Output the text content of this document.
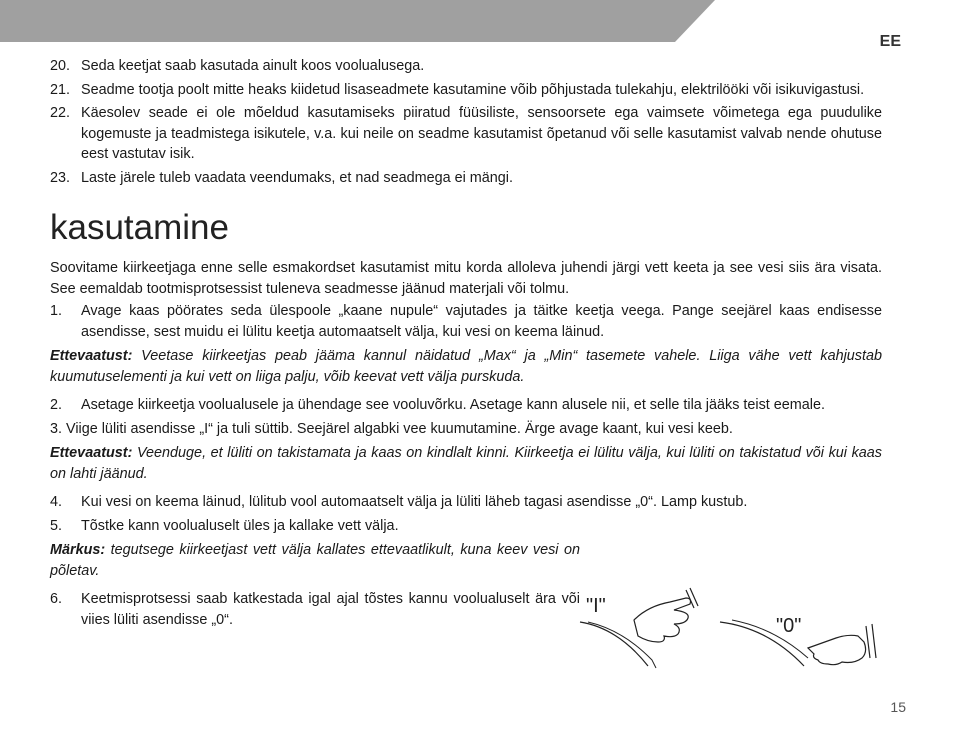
EE
20. Seda keetjat saab kasutada ainult koos voolualusega.
21. Seadme tootja poolt mitte heaks kiidetud lisaseadmete kasutamine võib põhjustada tulekahju, elektrilööki või isikuvigastusi.
22. Käesolev seade ei ole mõeldud kasutamiseks piiratud füüsiliste, sensoorsete ega vaimsete võimetega ega puudulike kogemuste ja teadmistega isikutele, v.a. kui neile on seadme kasutamist õpetanud või selle kasutamist valvab nende ohutuse eest vastutav isik.
23. Laste järele tuleb vaadata veendumaks, et nad seadmega ei mängi.
kasutamine

Soovitame kiirkeetjaga enne selle esmakordset kasutamist mitu korda alloleva juhendi järgi vett keeta ja see vesi siis ära visata. See eemaldab tootmisprotsessist tuleneva seadmesse jäänud materjali või tolmu.

1. Avage kaas pöörates seda ülespoole „kaane nupule“ vajutades ja täitke keetja veega. Pange seejärel kaas endisesse asendisse, sest muidu ei lülitu keetja automaatselt välja, kui vesi on keema läinud.

Ettevaatust: Veetase kiirkeetjas peab jääma kannul näidatud „Max“ ja „Min“ tasemete vahele. Liiga vähe vett kahjustab kuumutuselementi ja kui vett on liiga palju, võib keevat vett välja purskuda.

2. Asetage kiirkeetja voolualusele ja ühendage see vooluvõrku. Asetage kann alusele nii, et selle tila jääks teist eemale.

3. Viige lüliti asendisse „I“ ja tuli süttib. Seejärel algabki vee kuumutamine. Ärge avage kaant, kui vesi keeb.

Ettevaatust: Veenduge, et lüliti on takistamata ja kaas on kindlalt kinni. Kiirkeetja ei lülitu välja, kui lüliti on takistatud või kui kaas on lahti jäänud.

4. Kui vesi on keema läinud, lülitub vool automaatselt välja ja lüliti läheb tagasi asendisse „0“. Lamp kustub.
5. Tõstke kann voolualuselt üles ja kallake vett välja.

Märkus: tegutsege kiirkeetjast vett välja kallates ettevaatlikult, kuna keev vesi on põletav.

6. Keetmisprotsessi saab katkestada igal ajal tõstes kannu voolualuselt ära või viies lüliti asendisse „0“.
"I"
"0"
15
